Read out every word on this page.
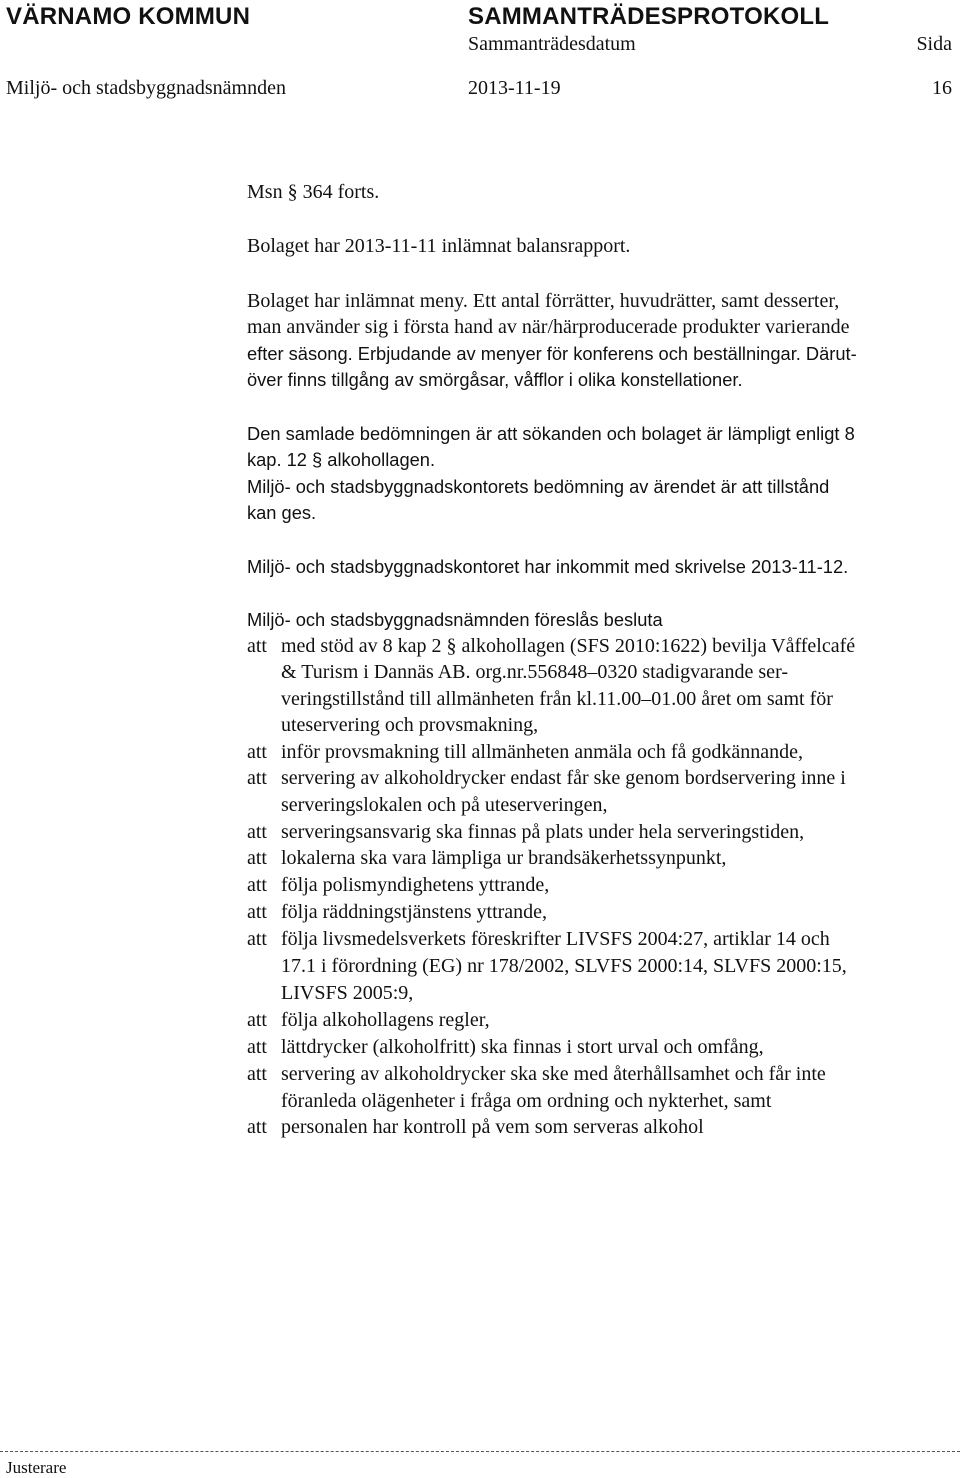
VÄRNAMO KOMMUN	SAMMANTRÄDESPROTOKOLL
Sammanträdesdatum	Sida
Miljö- och stadsbyggnadsnämnden	2013-11-19	16
Msn § 364 forts.
Bolaget har 2013-11-11 inlämnat balansrapport.
Bolaget har inlämnat meny. Ett antal förrätter, huvudrätter, samt desserter,
man använder sig i första hand av när/härproducerade produkter varierande
efter säsong. Erbjudande av menyer för konferens och beställningar. Därut-
över finns tillgång av smörgåsar, våfflor i olika konstellationer.
Den samlade bedömningen är att sökanden och bolaget är lämpligt enligt 8
kap. 12 § alkohollagen.
Miljö- och stadsbyggnadskontorets bedömning av ärendet är att tillstånd
kan ges.
Miljö- och stadsbyggnadskontoret har inkommit med skrivelse 2013-11-12.
Miljö- och stadsbyggnadsnämnden föreslås besluta
att med stöd av 8 kap 2 § alkohollagen (SFS 2010:1622) bevilja Våffelcafé
& Turism i Dannäs AB. org.nr.556848–0320 stadigvarande ser-
veringstillstånd till allmänheten från kl.11.00–01.00 året om samt för
uteservering och provsmakning,
att inför provsmakning till allmänheten anmäla och få godkännande,
att servering av alkoholdrycker endast får ske genom bordservering inne i
serveringslokalen och på uteserveringen,
att serveringsansvarig ska finnas på plats under hela serveringstiden,
att lokalerna ska vara lämpliga ur brandsäkerhetssynpunkt,
att följa polismyndighetens yttrande,
att följa räddningstjänstens yttrande,
att följa livsmedelsverkets föreskrifter LIVSFS 2004:27, artiklar 14 och
17.1 i förordning (EG) nr 178/2002, SLVFS 2000:14, SLVFS 2000:15,
LIVSFS 2005:9,
att följa alkohollagens regler,
att lättdrycker (alkoholfritt) ska finnas i stort urval och omfång,
att servering av alkoholdrycker ska ske med återhållsamhet och får inte
föranleda olägenheter i fråga om ordning och nykterhet, samt
att personalen har kontroll på vem som serveras alkohol
Justerare
